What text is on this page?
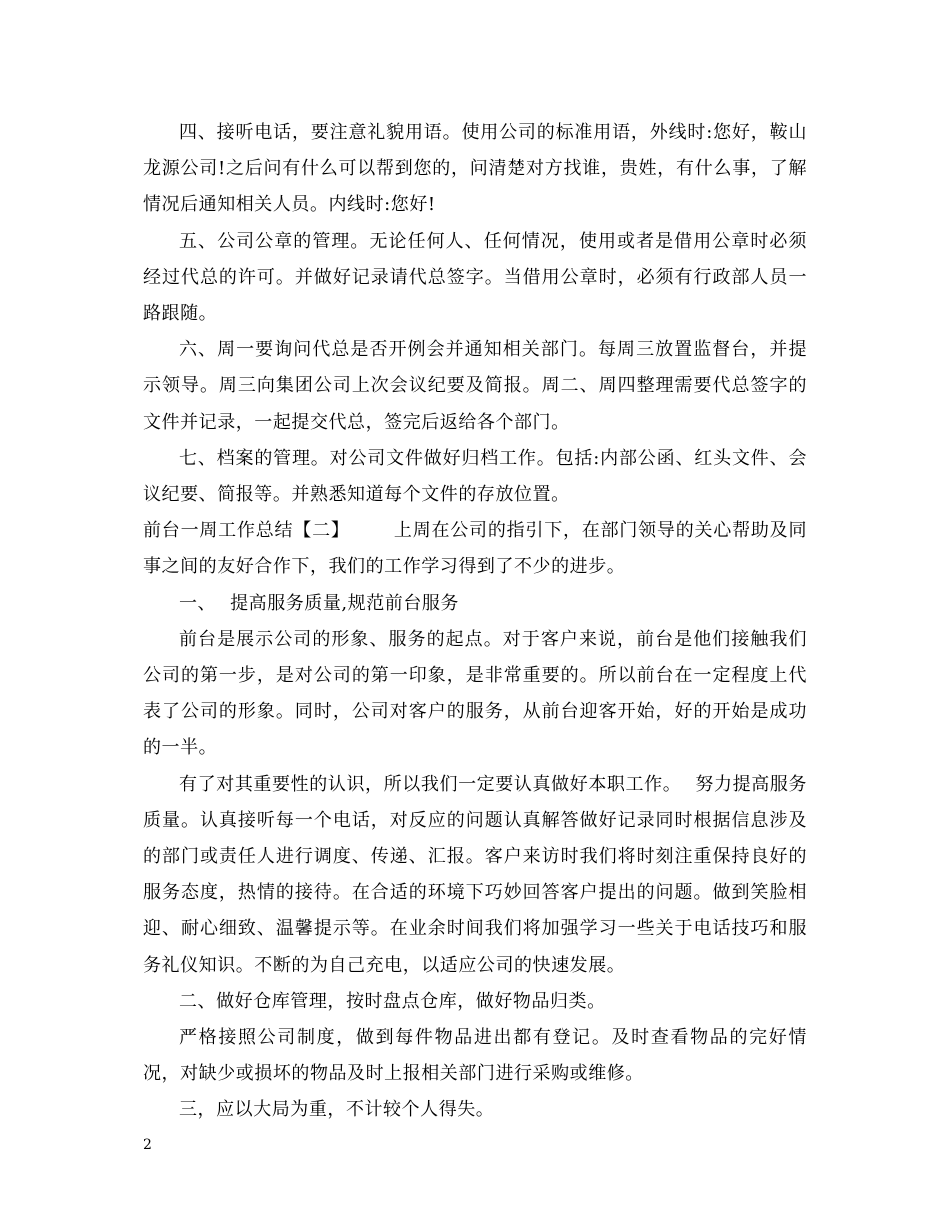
四、接听电话，要注意礼貌用语。使用公司的标准用语，外线时:您好，鞍山龙源公司!之后问有什么可以帮到您的，问清楚对方找谁，贵姓，有什么事，了解情况后通知相关人员。内线时:您好!

五、公司公章的管理。无论任何人、任何情况，使用或者是借用公章时必须经过代总的许可。并做好记录请代总签字。当借用公章时，必须有行政部人员一路跟随。

六、周一要询问代总是否开例会并通知相关部门。每周三放置监督台，并提示领导。周三向集团公司上次会议纪要及简报。周二、周四整理需要代总签字的文件并记录，一起提交代总，签完后返给各个部门。

七、档案的管理。对公司文件做好归档工作。包括:内部公函、红头文件、会议纪要、简报等。并熟悉知道每个文件的存放位置。

前台一周工作总结【二】 上周在公司的指引下，在部门领导的关心帮助及同事之间的友好合作下，我们的工作学习得到了不少的进步。

一、 提高服务质量,规范前台服务

前台是展示公司的形象、服务的起点。对于客户来说，前台是他们接触我们公司的第一步，是对公司的第一印象，是非常重要的。所以前台在一定程度上代表了公司的形象。同时，公司对客户的服务，从前台迎客开始，好的开始是成功的一半。

有了对其重要性的认识，所以我们一定要认真做好本职工作。 努力提高服务质量。认真接听每一个电话，对反应的问题认真解答做好记录同时根据信息涉及的部门或责任人进行调度、传递、汇报。客户来访时我们将时刻注重保持良好的服务态度，热情的接待。在合适的环境下巧妙回答客户提出的问题。做到笑脸相迎、耐心细致、温馨提示等。在业余时间我们将加强学习一些关于电话技巧和服务礼仪知识。不断的为自己充电，以适应公司的快速发展。

二、做好仓库管理，按时盘点仓库，做好物品归类。

严格接照公司制度，做到每件物品进出都有登记。及时查看物品的完好情况，对缺少或损坏的物品及时上报相关部门进行采购或维修。

三，应以大局为重，不计较个人得失。

2
